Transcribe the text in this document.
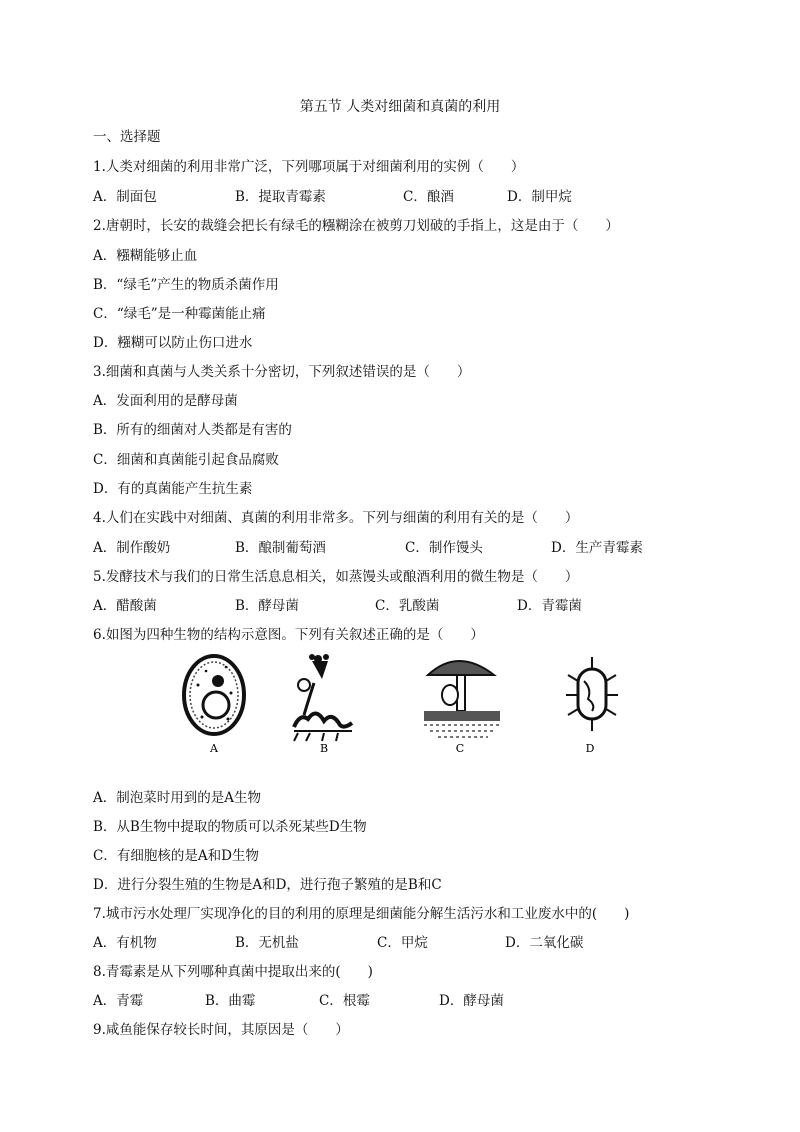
第五节 人类对细菌和真菌的利用
一、选择题
1.人类对细菌的利用非常广泛，下列哪项属于对细菌利用的实例（　　）
A．制面包	B．提取青霉素	C．酿酒	D．制甲烷
2.唐朝时，长安的裁缝会把长有绿毛的糨糊涂在被剪刀划破的手指上，这是由于（　　）
A．糨糊能够止血
B．“绿毛”产生的物质杀菌作用
C．“绿毛”是一种霉菌能止痛
D．糨糊可以防止伤口进水
3.细菌和真菌与人类关系十分密切，下列叙述错误的是（　　）
A．发面利用的是酵母菌
B．所有的细菌对人类都是有害的
C．细菌和真菌能引起食品腐败
D．有的真菌能产生抗生素
4.人们在实践中对细菌、真菌的利用非常多。下列与细菌的利用有关的是（　　）
A．制作酸奶	B．酿制葡萄酒	C．制作馒头	D．生产青霉素
5.发酵技术与我们的日常生活息息相关，如蒸馒头或酿酒利用的微生物是（　　）
A．醋酸菌	B．酵母菌	C．乳酸菌	D．青霉菌
6.如图为四种生物的结构示意图。下列有关叙述正确的是（　　）
A	B	C	D
A．制泡菜时用到的是A生物
B．从B生物中提取的物质可以杀死某些D生物
C．有细胞核的是A和D生物
D．进行分裂生殖的生物是A和D，进行孢子繁殖的是B和C
7.城市污水处理厂实现净化的目的利用的原理是细菌能分解生活污水和工业废水中的(　　)
A．有机物	B．无机盐	C．甲烷	D．二氧化碳
8.青霉素是从下列哪种真菌中提取出来的(　　)
A．青霉	B．曲霉	C．根霉	D．酵母菌
9.咸鱼能保存较长时间，其原因是（　　）
